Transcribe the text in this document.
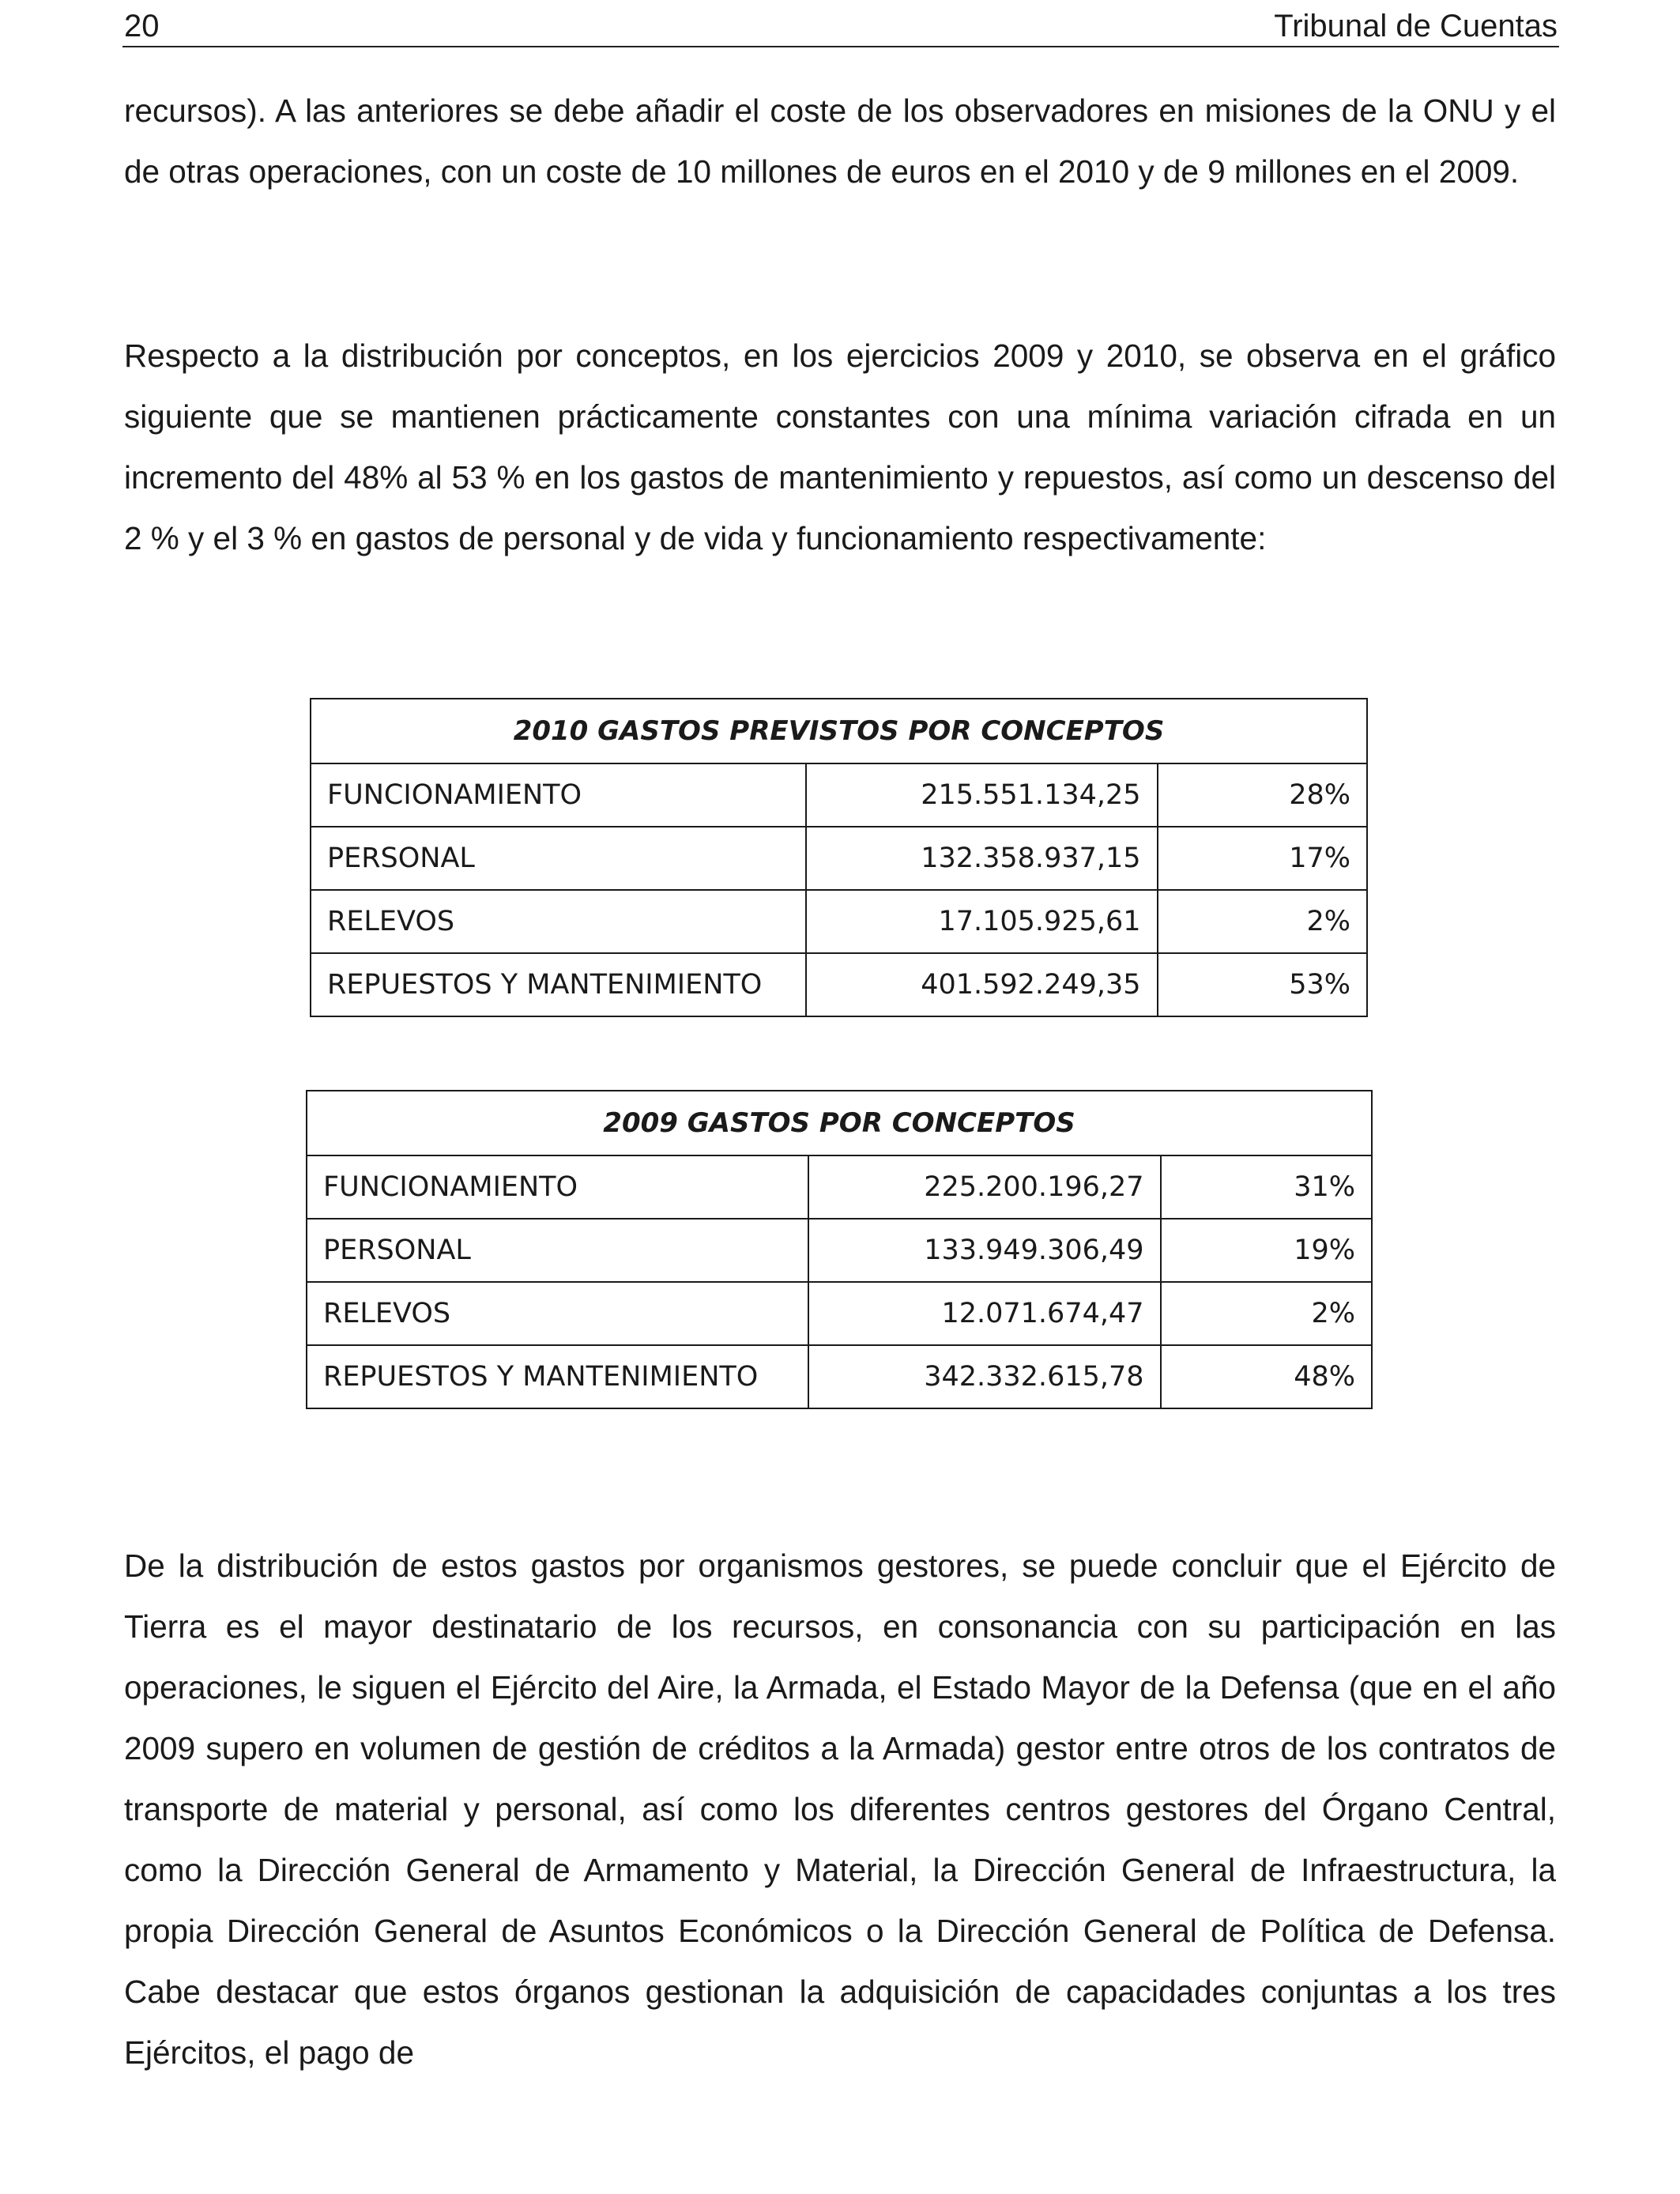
20	Tribunal de Cuentas

recursos). A las anteriores se debe añadir el coste de los observadores en misiones de la ONU y el de otras operaciones, con un coste de 10 millones de euros en el 2010 y de 9 millones en el 2009.

Respecto a la distribución por conceptos, en los ejercicios 2009 y 2010, se observa en el gráfico siguiente que se mantienen prácticamente constantes con una mínima variación cifrada en un incremento del 48% al 53 % en los gastos de mantenimiento y repuestos, así como un descenso del 2 % y el 3 % en gastos de personal y de vida y funcionamiento respectivamente:

2010 GASTOS PREVISTOS POR CONCEPTOS		
FUNCIONAMIENTO	215.551.134,25	28%
PERSONAL	132.358.937,15	17%
RELEVOS	17.105.925,61	2%
REPUESTOS Y MANTENIMIENTO	401.592.249,35	53%
2009 GASTOS POR CONCEPTOS		
FUNCIONAMIENTO	225.200.196,27	31%
PERSONAL	133.949.306,49	19%
RELEVOS	12.071.674,47	2%
REPUESTOS Y MANTENIMIENTO	342.332.615,78	48%

De la distribución de estos gastos por organismos gestores, se puede concluir que el Ejército de Tierra es el mayor destinatario de los recursos, en consonancia con su participación en las operaciones, le siguen el Ejército del Aire, la Armada, el Estado Mayor de la Defensa (que en el año 2009 supero en volumen de gestión de créditos a la Armada) gestor entre otros de los contratos de transporte de material y personal, así como los diferentes centros gestores del Órgano Central, como la Dirección General de Armamento y Material, la Dirección General de Infraestructura, la propia Dirección General de Asuntos Económicos o la Dirección General de Política de Defensa. Cabe destacar que estos órganos gestionan la adquisición de capacidades conjuntas a los tres Ejércitos, el pago de
